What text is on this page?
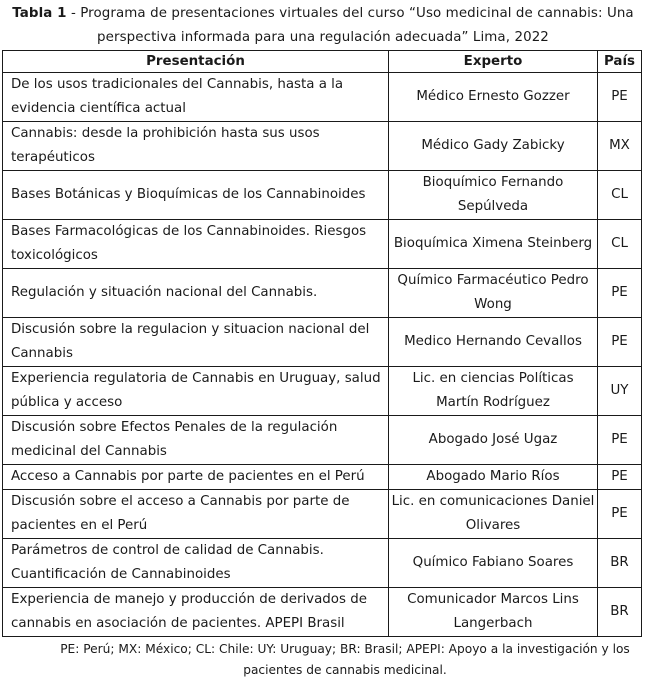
Tabla 1 - Programa de presentaciones virtuales del curso “Uso medicinal de cannabis: Una perspectiva informada para una regulación adecuada” Lima, 2022
Presentación	Experto	País
De los usos tradicionales del Cannabis, hasta a la evidencia científica actual	Médico Ernesto Gozzer	PE
Cannabis: desde la prohibición hasta sus usos terapéuticos	Médico Gady Zabicky	MX
Bases Botánicas y Bioquímicas de los Cannabinoides	Bioquímico Fernando Sepúlveda	CL
Bases Farmacológicas de los Cannabinoides. Riesgos toxicológicos	Bioquímica Ximena Steinberg	CL
Regulación y situación nacional del Cannabis.	Químico Farmacéutico Pedro Wong	PE
Discusión sobre la regulacion y situacion nacional del Cannabis	Medico Hernando Cevallos	PE
Experiencia regulatoria de Cannabis en Uruguay, salud pública y acceso	Lic. en ciencias Políticas Martín Rodríguez	UY
Discusión sobre Efectos Penales de la regulación medicinal del Cannabis	Abogado José Ugaz	PE
Acceso a Cannabis por parte de pacientes en el Perú	Abogado Mario Ríos	PE
Discusión sobre el acceso a Cannabis por parte de pacientes en el Perú	Lic. en comunicaciones Daniel Olivares	PE
Parámetros de control de calidad de Cannabis. Cuantificación de Cannabinoides	Químico Fabiano Soares	BR
Experiencia de manejo y producción de derivados de cannabis en asociación de pacientes. APEPI Brasil	Comunicador Marcos Lins Langerbach	BR
PE: Perú; MX: México; CL: Chile: UY: Uruguay; BR: Brasil; APEPI: Apoyo a la investigación y los pacientes de cannabis medicinal.
